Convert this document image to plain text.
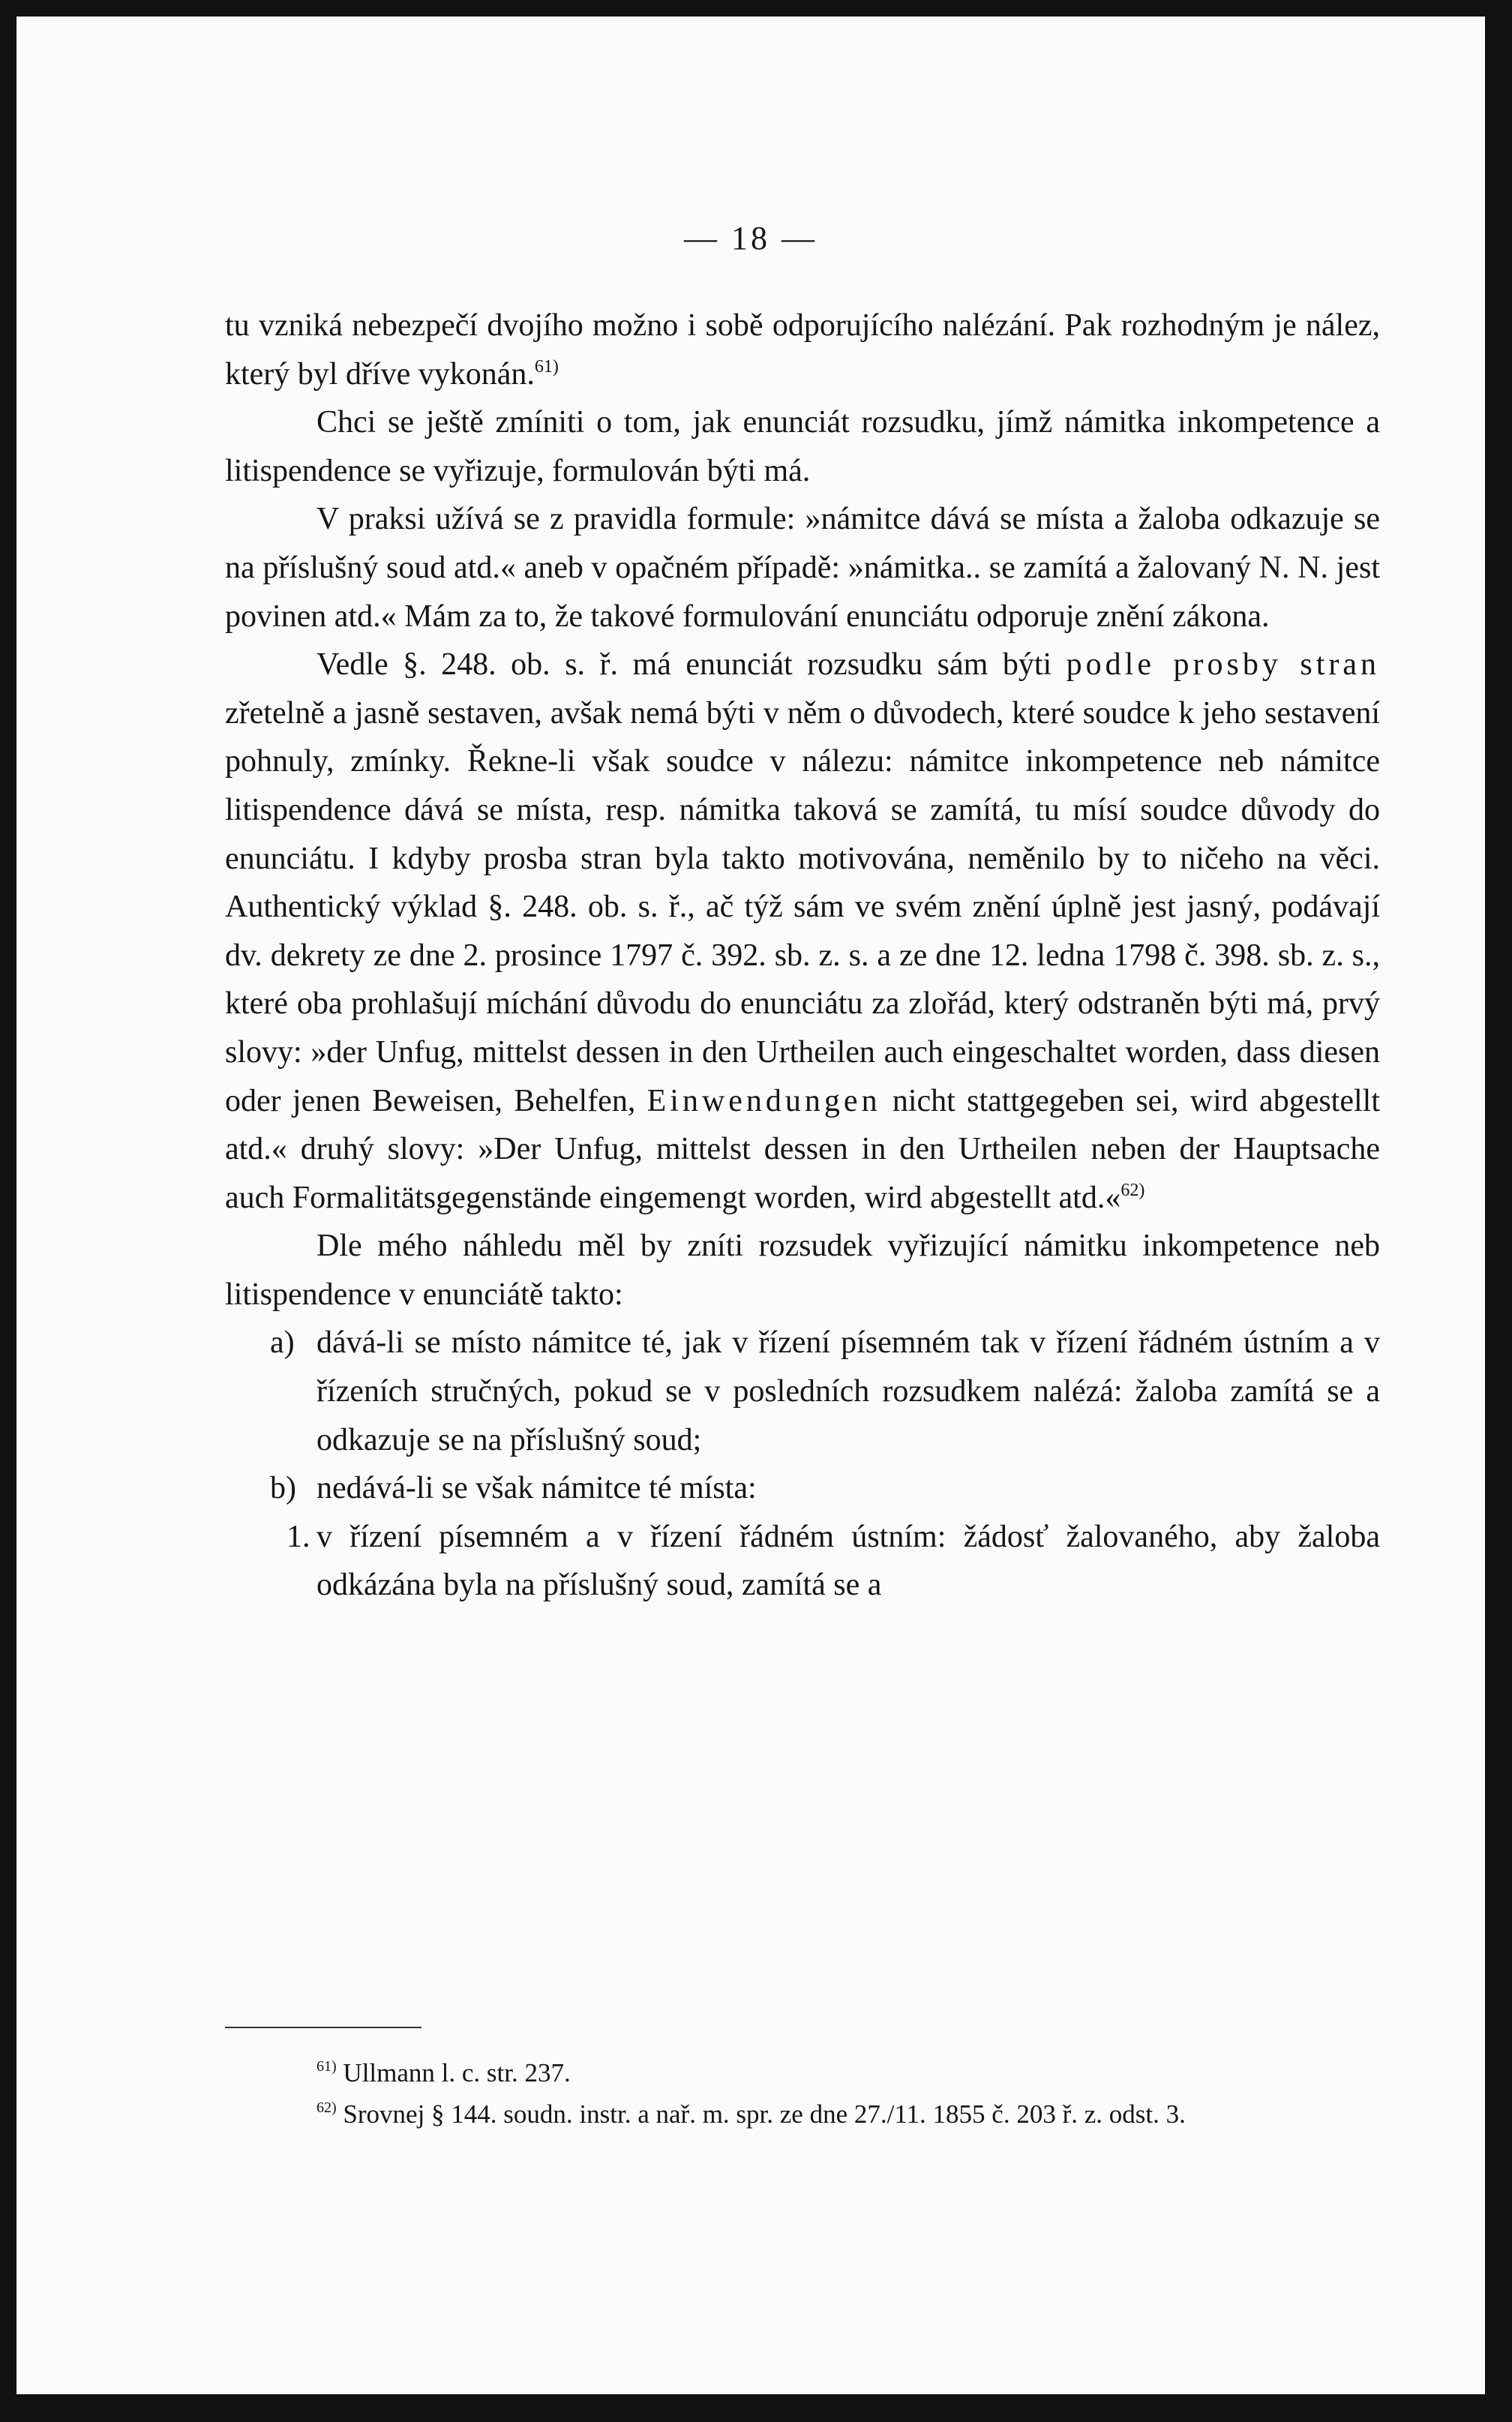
— 18 —

tu vzniká nebezpečí dvojího možno i sobě odporujícího nalézání. Pak rozhodným je nález, který byl dříve vykonán.$^{61)}$

Chci se ještě zmíniti o tom, jak enunciát rozsudku, jímž námitka inkompetence a litispendence se vyřizuje, formulován býti má.

V praksi užívá se z pravidla formule: »námitce dává se místa a žaloba odkazuje se na příslušný soud atd.« aneb v opačném případě: »námitka.. se zamítá a žalovaný N. N. jest povinen atd.« Mám za to, že takové formulování enunciátu odporuje znění zákona.

Vedle §. 248. ob. s. ř. má enunciát rozsudku sám býti podle prosby stran zřetelně a jasně sestaven, avšak nemá býti v něm o důvodech, které soudce k jeho sestavení pohnuly, zmínky. Řekne-li však soudce v nálezu: námitce inkompetence neb námitce litispendence dává se místa, resp. námitka taková se zamítá, tu mísí soudce důvody do enunciátu. I kdyby prosba stran byla takto motivována, neměnilo by to ničeho na věci. Authentický výklad §. 248. ob. s. ř., ač týž sám ve svém znění úplně jest jasný, podávají dv. dekrety ze dne 2. prosince 1797 č. 392. sb. z. s. a ze dne 12. ledna 1798 č. 398. sb. z. s., které oba prohlašují míchání důvodu do enunciátu za zlořád, který odstraněn býti má, prvý slovy: »der Unfug, mittelst dessen in den Urtheilen auch eingeschaltet worden, dass diesen oder jenen Beweisen, Behelfen, Einwendungen nicht stattgegeben sei, wird abgestellt atd.« druhý slovy: »Der Unfug, mittelst dessen in den Urtheilen neben der Hauptsache auch Formalitätsgegenstände eingemengt worden, wird abgestellt atd.«$^{62)}$

Dle mého náhledu měl by zníti rozsudek vyřizující námitku inkompetence neb litispendence v enunciátě takto:

a) dává-li se místo námitce té, jak v řízení písemném tak v řízení řádném ústním a v řízeních stručných, pokud se v posledních rozsudkem nalézá: žaloba zamítá se a odkazuje se na příslušný soud;
b) nedává-li se však námitce té místa:
1. v řízení písemném a v řízení řádném ústním: žádosť žalovaného, aby žaloba odkázána byla na příslušný soud, zamítá se a

$^{61)}$ Ullmann l. c. str. 237.

$^{62)}$ Srovnej § 144. soudn. instr. a nař. m. spr. ze dne 27./11. 1855 č. 203 ř. z. odst. 3.
